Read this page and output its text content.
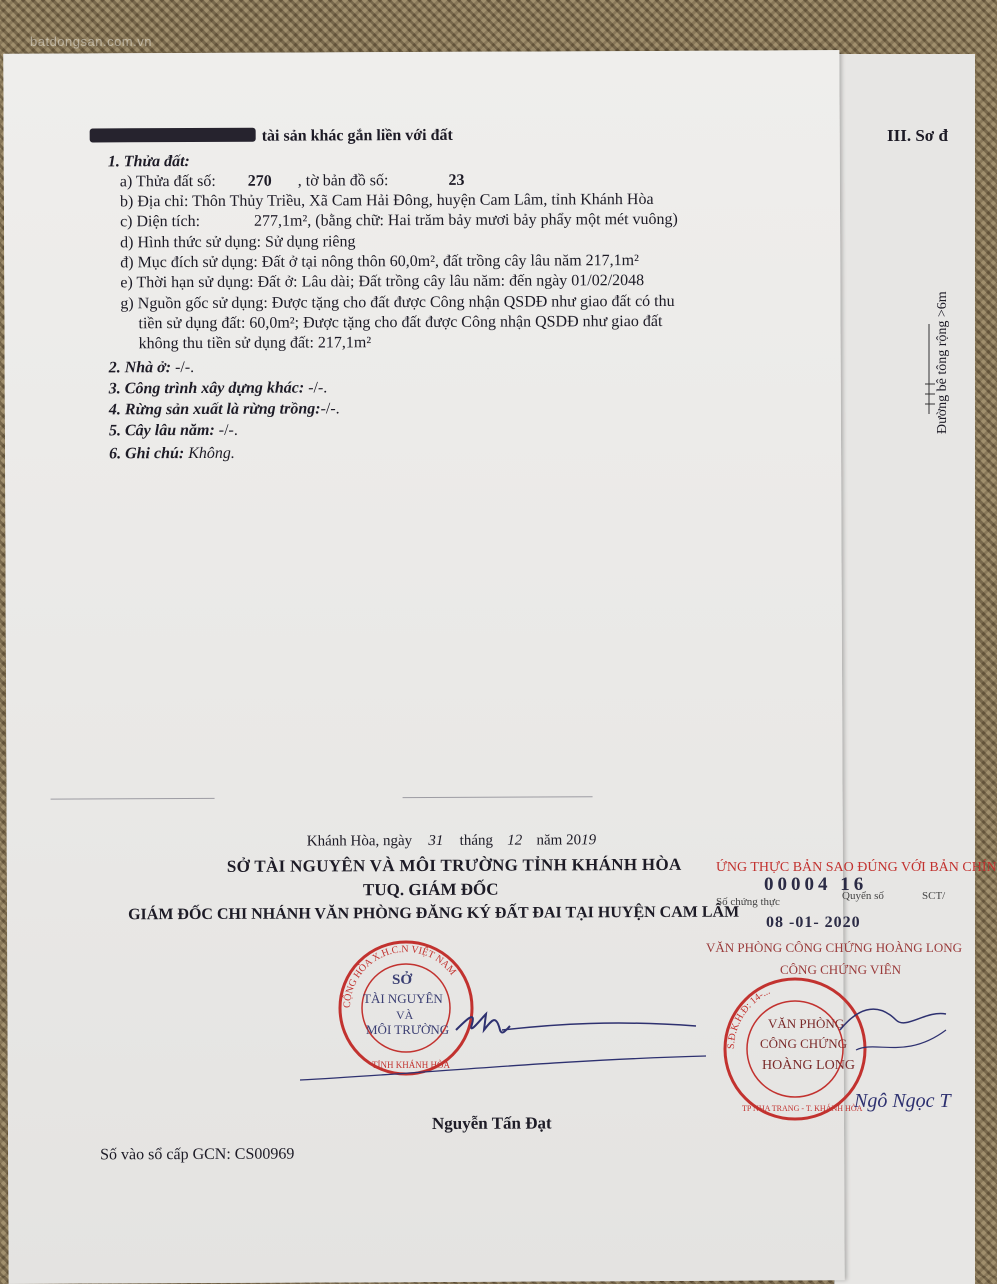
batdongsan.com.vn
III. Sơ đ
Đường bê tông rộng >6m
tài sản khác gắn liền với đất
1. Thửa đất:
a) Thửa đất số: 270 , tờ bản đồ số:	23
b) Địa chỉ: Thôn Thủy Triều, Xã Cam Hải Đông, huyện Cam Lâm, tỉnh Khánh Hòa
c) Diện tích:	277,1m², (bằng chữ: Hai trăm bảy mươi bảy phẩy một mét vuông)
d) Hình thức sử dụng: Sử dụng riêng
đ) Mục đích sử dụng: Đất ở tại nông thôn 60,0m², đất trồng cây lâu năm 217,1m²
e) Thời hạn sử dụng: Đất ở: Lâu dài; Đất trồng cây lâu năm: đến ngày 01/02/2048
g) Nguồn gốc sử dụng: Được tặng cho đất được Công nhận QSDĐ như giao đất có thu
tiền sử dụng đất: 60,0m²; Được tặng cho đất được Công nhận QSDĐ như giao đất
không thu tiền sử dụng đất: 217,1m²
2. Nhà ở: -/-.
3. Công trình xây dựng khác: -/-.
4. Rừng sản xuất là rừng trồng:-/-.
5. Cây lâu năm: -/-.
6. Ghi chú: Không.
Khánh Hòa, ngày 31 tháng 12 năm 2019
SỞ TÀI NGUYÊN VÀ MÔI TRƯỜNG TỈNH KHÁNH HÒA
TUQ. GIÁM ĐỐC
GIÁM ĐỐC CHI NHÁNH VĂN PHÒNG ĐĂNG KÝ ĐẤT ĐAI TẠI HUYỆN CAM LÂM
Nguyễn Tấn Đạt
Số vào sổ cấp GCN: CS00969
CỘNG HÒA X.H.C.N VIỆT NAM
SỞ
TÀI NGUYÊN
VÀ
MÔI TRƯỜNG
TỈNH KHÁNH HÒA
ỨNG THỰC BẢN SAO ĐÚNG VỚI BẢN CHÍN
00004 16
Số chứng thực	Quyển số	SCT/
08 -01- 2020
VĂN PHÒNG CÔNG CHỨNG HOÀNG LONG
CÔNG CHỨNG VIÊN
S.Đ.K.H.Đ: 14-...
VĂN PHÒNG
CÔNG CHỨNG
HOÀNG LONG
TP NHA TRANG - T. KHÁNH HÒA
Ngô Ngọc T
